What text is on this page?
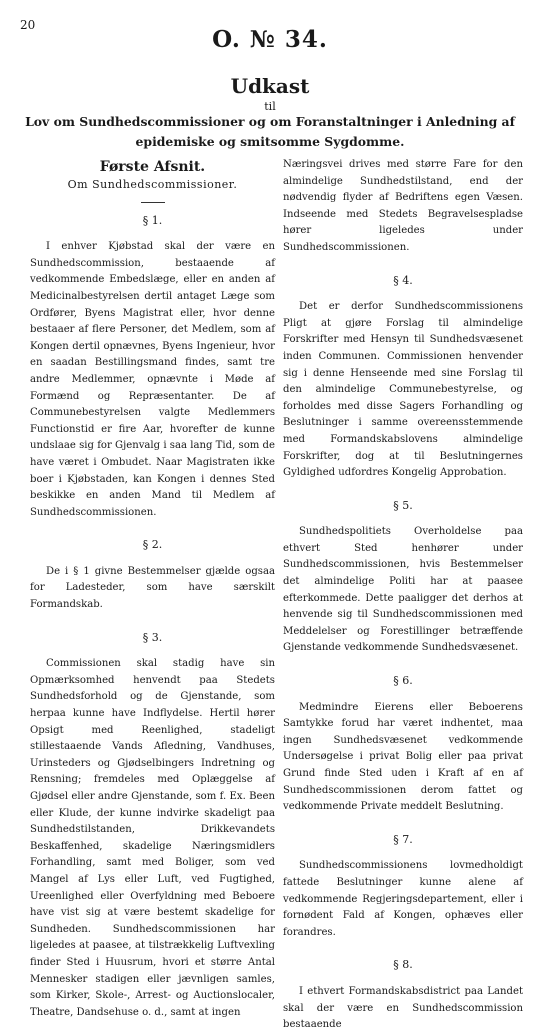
20
O. № 34.
Udkast
til
Lov om Sundhedscommissioner og om Foranstaltninger i Anledning af epidemiske og smitsomme Sygdomme.
Første Afsnit.
Om Sundhedscommissioner.
§ 1.

I enhver Kjøbstad skal der være en Sundhedscommission, bestaaende af vedkommende Embedslæge, eller en anden af Medicinalbestyrelsen dertil antaget Læge som Ordfører, Byens Magistrat eller, hvor denne bestaaer af flere Personer, det Medlem, som af Kongen dertil opnævnes, Byens Ingenieur, hvor en saadan Bestillingsmand findes, samt tre andre Medlemmer, opnævnte i Møde af Formænd og Repræsentanter. De af Communebestyrelsen valgte Medlemmers Functionstid er fire Aar, hvorefter de kunne undslaae sig for Gjenvalg i saa lang Tid, som de have været i Ombudet. Naar Magistraten ikke boer i Kjøbstaden, kan Kongen i dennes Sted beskikke en anden Mand til Medlem af Sundhedscommissionen.

§ 2.

De i § 1 givne Bestemmelser gjælde ogsaa for Ladesteder, som have særskilt Formandskab.

§ 3.

Commissionen skal stadig have sin Opmærksomhed henvendt paa Stedets Sundhedsforhold og de Gjenstande, som herpaa kunne have Indflydelse. Hertil hører Opsigt med Reenlighed, stadeligt stillestaaende Vands Afledning, Vandhuses, Urinsteders og Gjødselbingers Indretning og Rensning; fremdeles med Oplæggelse af Gjødsel eller andre Gjenstande, som f. Ex. Been eller Klude, der kunne indvirke skadeligt paa Sundhedstilstanden, Drikkevandets Beskaffenhed, skadelige Næringsmidlers Forhandling, samt med Boliger, som ved Mangel af Lys eller Luft, ved Fugtighed, Ureenlighed eller Overfyldning med Beboere have vist sig at være bestemt skadelige for Sundheden. Sundhedscommissionen har ligeledes at paasee, at tilstrækkelig Luftvexling finder Sted i Huusrum, hvori et større Antal Mennesker stadigen eller jævnligen samles, som Kirker, Skole-, Arrest- og Auctionslocaler, Theatre, Dandsehuse o. d., samt at ingen

Næringsvei drives med større Fare for den almindelige Sundhedstilstand, end der nødvendig flyder af Bedriftens egen Væsen. Indseende med Stedets Begravelsespladse hører ligeledes under Sundhedscommissionen.

§ 4.

Det er derfor Sundhedscommissionens Pligt at gjøre Forslag til almindelige Forskrifter med Hensyn til Sundhedsvæsenet inden Communen. Commissionen henvender sig i denne Henseende med sine Forslag til den almindelige Communebestyrelse, og forholdes med disse Sagers Forhandling og Beslutninger i samme overeensstemmende med Formandskabslovens almindelige Forskrifter, dog at til Beslutningernes Gyldighed udfordres Kongelig Approbation.

§ 5.

Sundhedspolitiets Overholdelse paa ethvert Sted henhører under Sundhedscommissionen, hvis Bestemmelser det almindelige Politi har at paasee efterkommede. Dette paaligger det derhos at henvende sig til Sundhedscommissionen med Meddelelser og Forestillinger betræffende Gjenstande vedkommende Sundhedsvæsenet.

§ 6.

Medmindre Eierens eller Beboerens Samtykke forud har været indhentet, maa ingen Sundhedsvæsenet vedkommende Undersøgelse i privat Bolig eller paa privat Grund finde Sted uden i Kraft af en af Sundhedscommissionen derom fattet og vedkommende Private meddelt Beslutning.

§ 7.

Sundhedscommissionens lovmedholdigt fattede Beslutninger kunne alene af vedkommende Regjeringsdepartement, eller i fornødent Fald af Kongen, ophæves eller forandres.

§ 8.

I ethvert Formandskabsdistrict paa Landet skal der være en Sundhedscommission bestaaende
